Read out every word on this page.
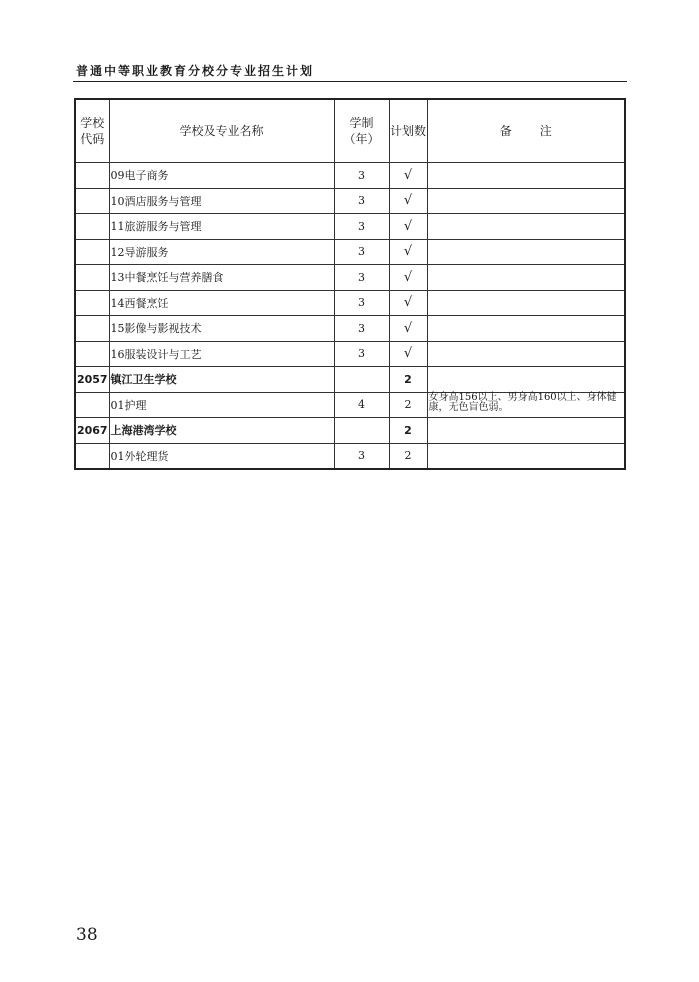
普通中等职业教育分校分专业招生计划
学校代码	学校及专业名称	学制（年）	计划数	备 注
	09电子商务	3	√	
	10酒店服务与管理	3	√	
	11旅游服务与管理	3	√	
	12导游服务	3	√	
	13中餐烹饪与营养膳食	3	√	
	14西餐烹饪	3	√	
	15影像与影视技术	3	√	
	16服装设计与工艺	3	√	
2057	镇江卫生学校		2	
	01护理	4	2	女身高156以上、男身高160以上、身体健康，无色盲色弱。
2067	上海港湾学校		2	
	01外轮理货	3	2	
38
